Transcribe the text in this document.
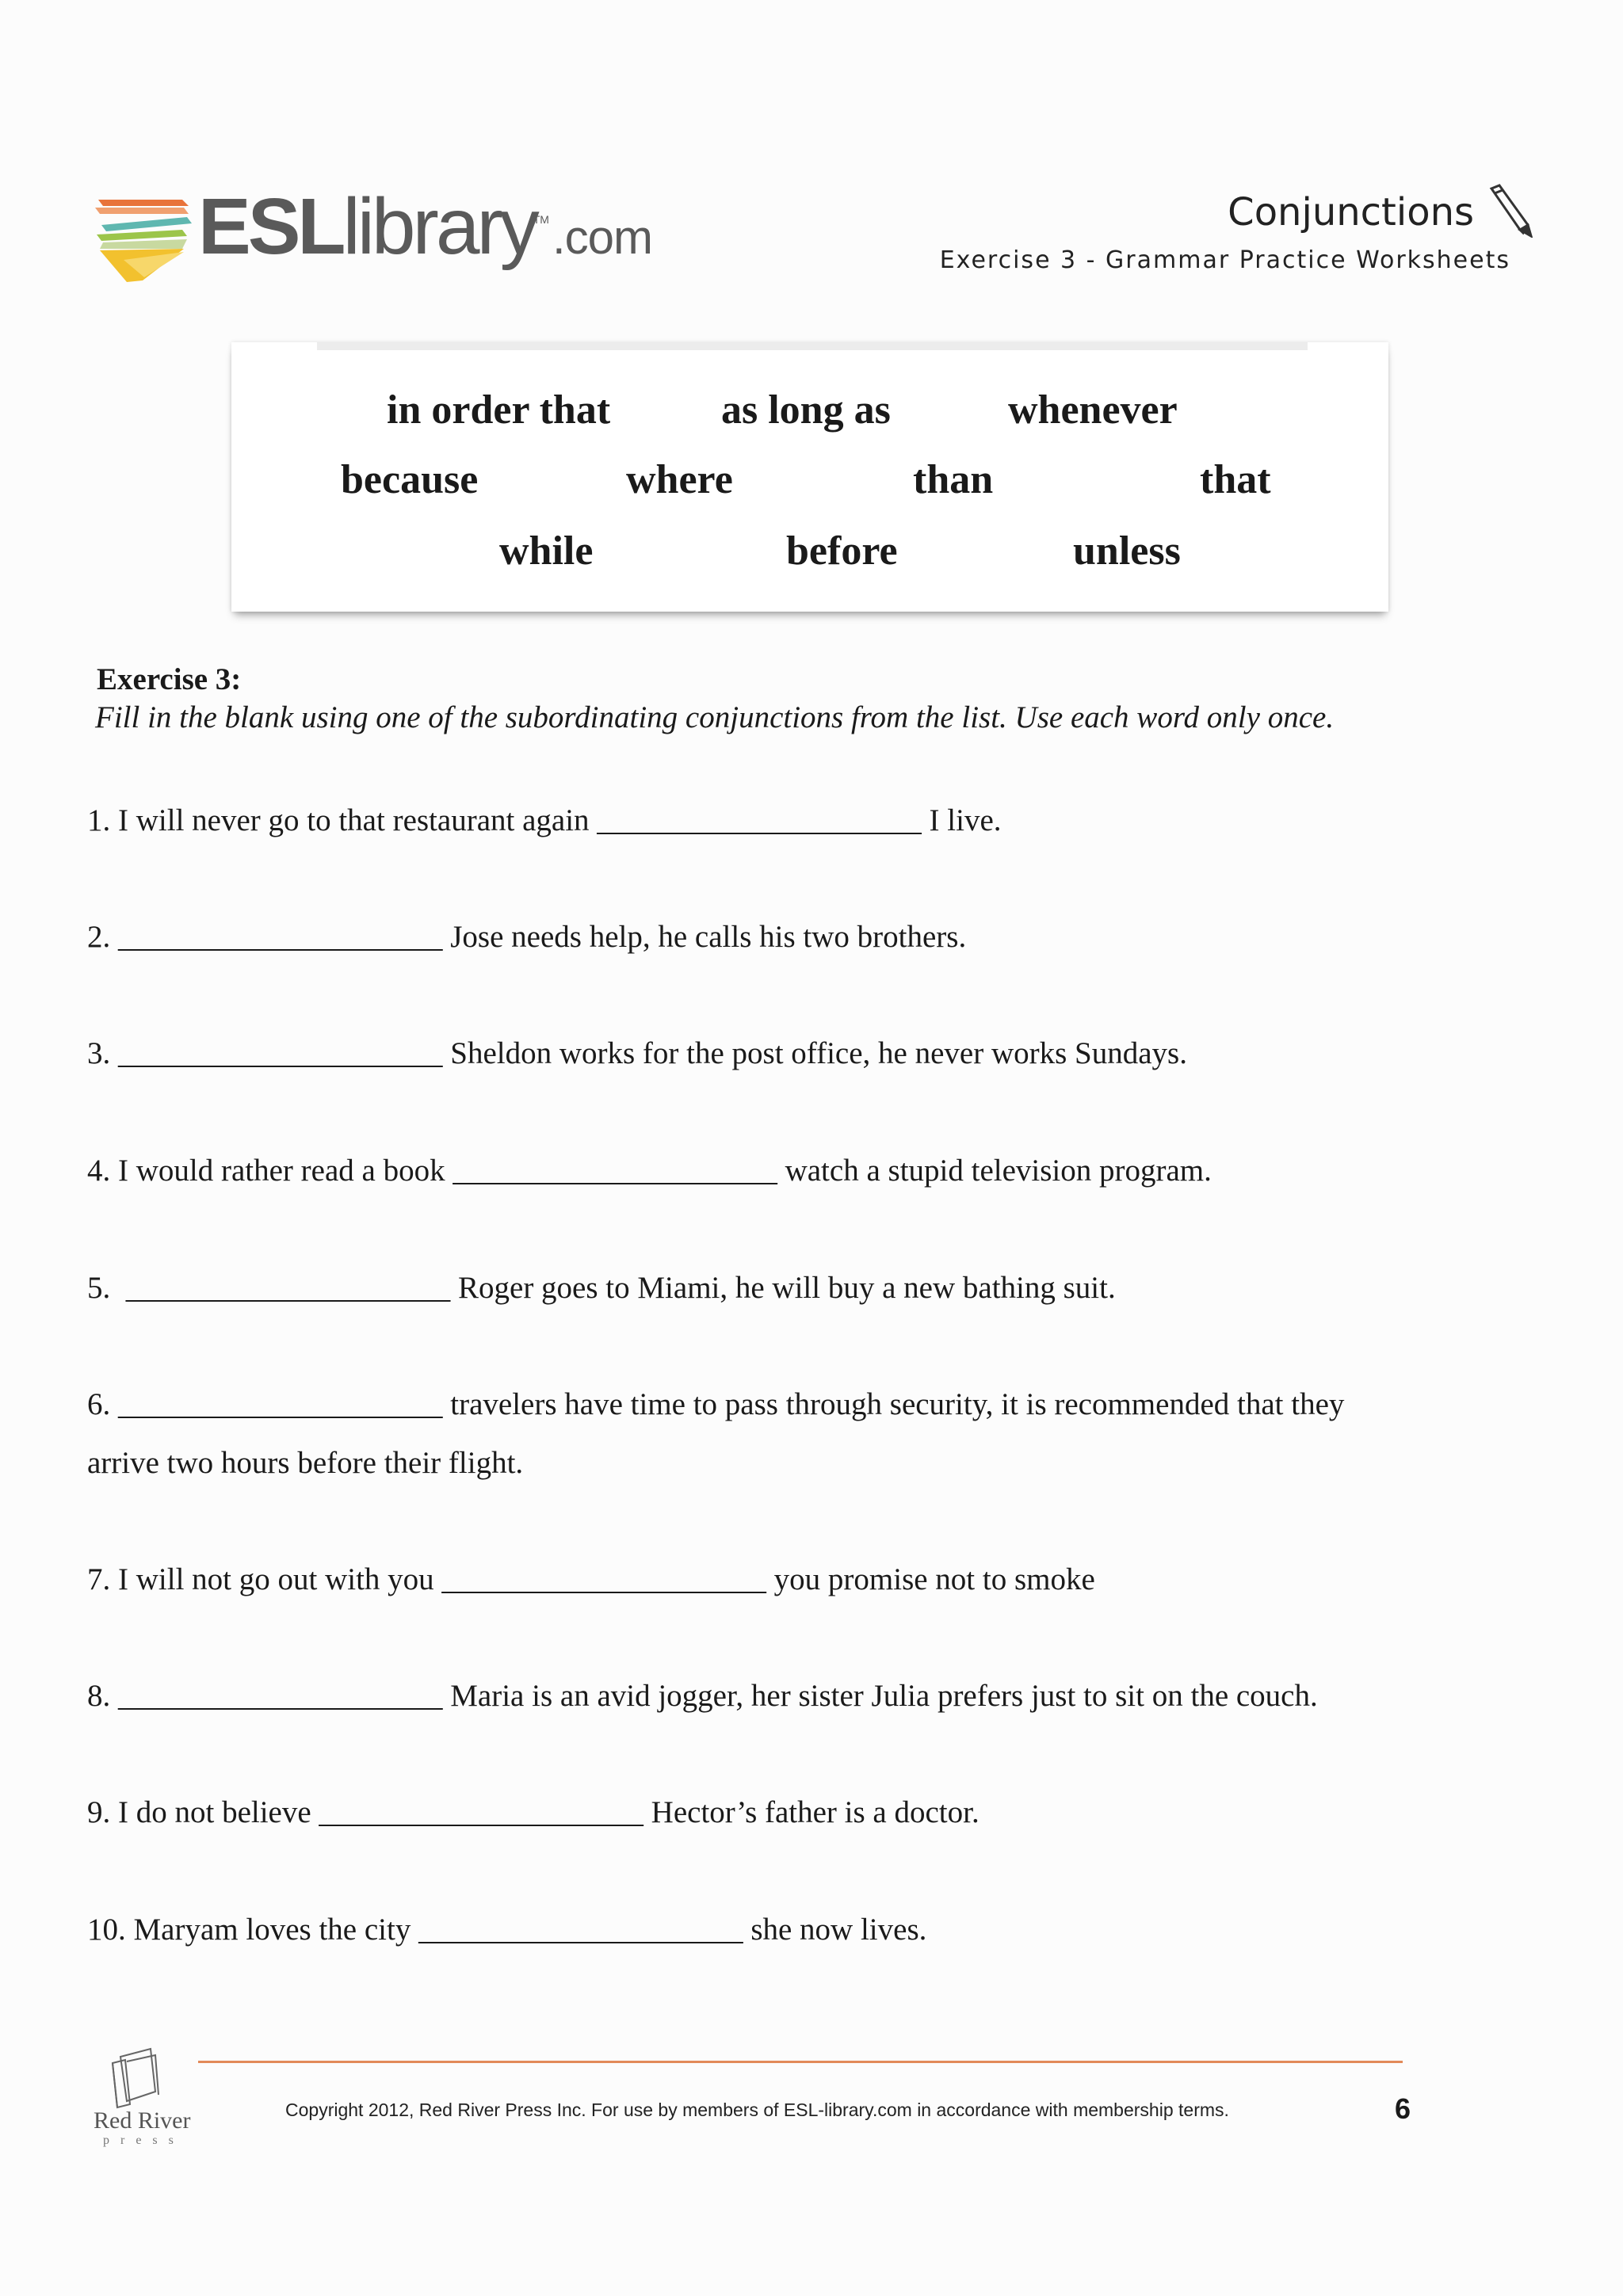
ESLlibrary™.com	Conjunctions
Exercise 3 - Grammar Practice Worksheets
in order that	as long as	whenever
because	where	than	that
while	before	unless
Exercise 3:
Fill in the blank using one of the subordinating conjunctions from the list. Use each word only once.
1. I will never go to that restaurant again _____________________ I live.
2. _____________________ Jose needs help, he calls his two brothers.
3. _____________________ Sheldon works for the post office, he never works Sundays.
4. I would rather read a book _____________________ watch a stupid television program.
5.  _____________________ Roger goes to Miami, he will buy a new bathing suit.
6. _____________________ travelers have time to pass through security, it is recommended that they
arrive two hours before their flight.
7. I will not go out with you _____________________ you promise not to smoke
8. _____________________ Maria is an avid jogger, her sister Julia prefers just to sit on the couch.
9. I do not believe _____________________ Hector’s father is a doctor.
10. Maryam loves the city _____________________ she now lives.
Red River
press
Copyright 2012, Red River Press Inc. For use by members of ESL-library.com in accordance with membership terms.	6
